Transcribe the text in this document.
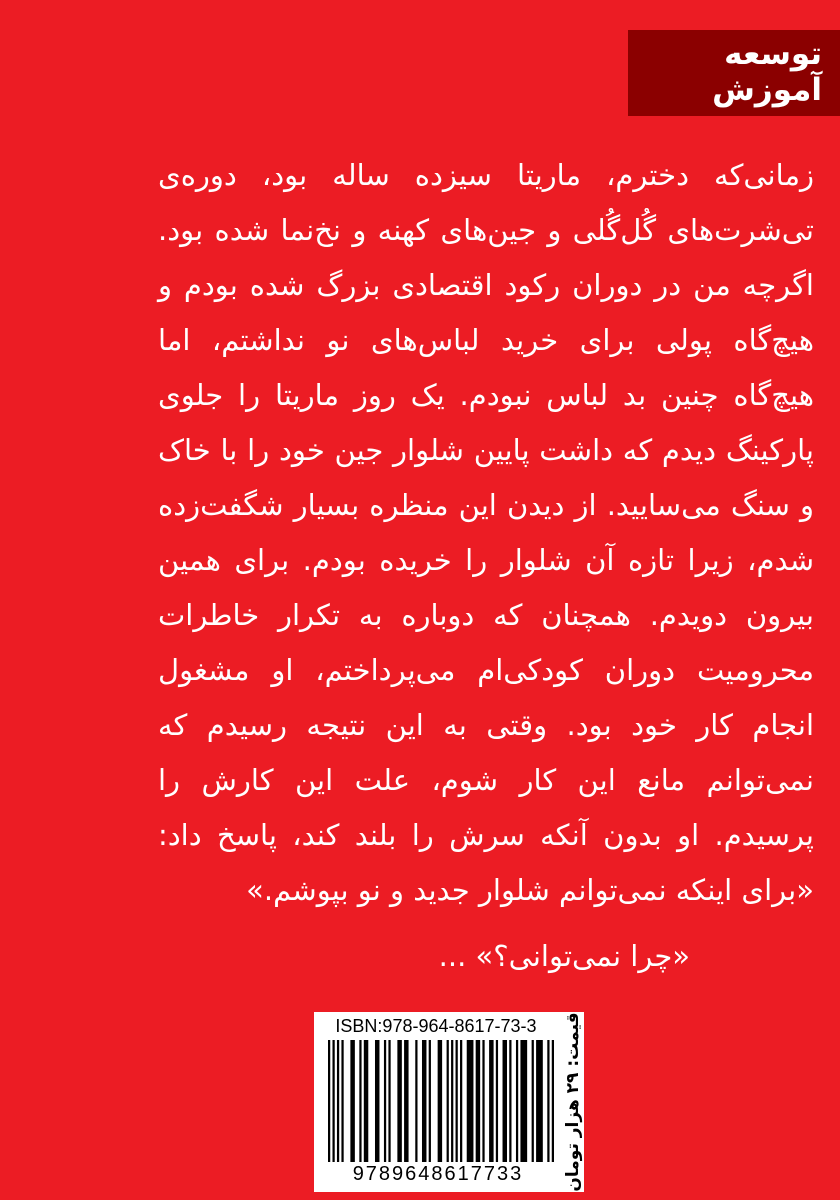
توسعه
آموزش

زمانی‌که دخترم، ماریتا سیزده ساله بود، دوره‌ی تی‌شرت‌های گُل‌گُلی و جین‌های کهنه و نخ‌نما شده بود. اگرچه من در دوران رکود اقتصادی بزرگ شده بودم و هیچ‌گاه پولی برای خرید لباس‌های نو نداشتم، اما هیچ‌گاه چنین بد لباس نبودم. یک روز ماریتا را جلوی پارکینگ دیدم که داشت پایین شلوار جین خود را با خاک و سنگ می‌سایید. از دیدن این منظره بسیار شگفت‌زده شدم، زیرا تازه آن شلوار را خریده بودم. برای همین بیرون دویدم. همچنان که دوباره به تکرار خاطرات محرومیت دوران کودکی‌ام می‌پرداختم، او مشغول انجام کار خود بود. وقتی به این نتیجه رسیدم که نمی‌توانم مانع این کار شوم، علت این کارش را پرسیدم. او بدون آنکه سرش را بلند کند، پاسخ داد: «برای اینکه نمی‌توانم شلوار جدید و نو بپوشم.»

«چرا نمی‌توانی؟» ...

ISBN:978-964-8617-73-3
9789648617733	قیمت: ۲۹ هزار تومان
